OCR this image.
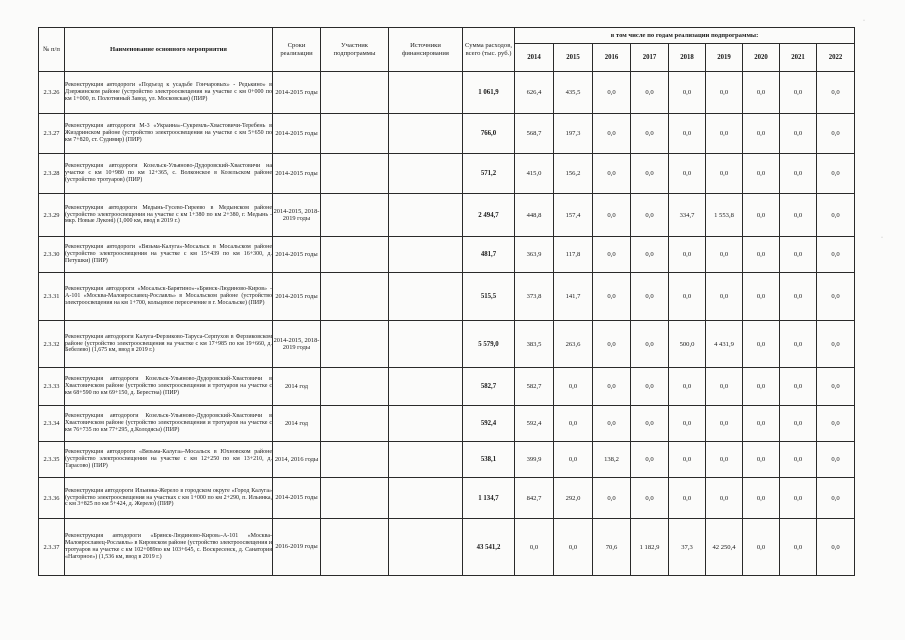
№ п/п	Наименование основного мероприятия	Сроки реализации	Участник подпрограммы	Источники финансирования	Сумма расходов, всего (тыс. руб.)	в том числе по годам реализации подпрограммы:								
						2014	2015	2016	2017	2018	2019	2020	2021	2022
2.3.26	Реконструкция автодороги «Подъезд к усадьбе Гончаровых» - Редькино» в Дзержинском районе (устройство электроосвещения на участке с км 0+000 по км 1+000, п. Полотняный Завод, ул. Московская) (ПИР)	2014-2015 годы			1 061,9	626,4	435,5	0,0	0,0	0,0	0,0	0,0	0,0	0,0
2.3.27	Реконструкция автодороги М-3 «Украина»-Сукремль-Хвастовичи-Теребень в Жиздринском районе (устройство электроосвещения на участке с км 5+650 по км 7+820, ст. Судимир) (ПИР)	2014-2015 годы			766,0	568,7	197,3	0,0	0,0	0,0	0,0	0,0	0,0	0,0
2.3.28	Реконструкция автодороги Козельск-Ульяново-Дудоровский-Хвастовичи на участке с км 10+980 по км 12+365, с. Волконское в Козельском районе (устройство тротуаров) (ПИР)	2014-2015 годы			571,2	415,0	156,2	0,0	0,0	0,0	0,0	0,0	0,0	0,0
2.3.29	Реконструкция автодороги Медынь-Гусево-Гиреево в Медынском районе (устройство электроосвещения на участке с км 1+380 по км 2+380, г. Медынь - мкр. Новые Луконі) (1,000 км, ввод в 2019 г.)	2014-2015, 2018-2019 годы			2 494,7	448,8	157,4	0,0	0,0	334,7	1 553,8	0,0	0,0	0,0
2.3.30	Реконструкция автодороги «Вязьма-Калуга»-Мосальск в Мосальском районе (устройство электроосвещения на участке с км 15+439 по км 16+300, д. Петушки) (ПИР)	2014-2015 годы			481,7	363,9	117,8	0,0	0,0	0,0	0,0	0,0	0,0	0,0
2.3.31	Реконструкция автодороги «Мосальск-Барятино»-«Брянск-Людиново-Киров» - А-101 «Москва-Малоярославец-Рославль» в Мосальском районе (устройство электроосвещения на км 1+700, кольцевое пересечение в г. Мосальске) (ПИР)	2014-2015 годы			515,5	373,8	141,7	0,0	0,0	0,0	0,0	0,0	0,0	0,0
2.3.32	Реконструкция автодороги Калуга-Ферзиково-Таруса-Серпухов в Ферзиковском районе (устройство электроосвещения на участке с км 17+985 по км 19+660, д. Бебелево) (1,675 км, ввод в 2019 г.)	2014-2015, 2018-2019 годы			5 579,0	383,5	263,6	0,0	0,0	500,0	4 431,9	0,0	0,0	0,0
2.3.33	Реконструкция автодороги Козельск-Ульяново-Дудоровский-Хвастовичи в Хвастовичском районе (устройство электроосвещения и тротуаров на участке с км 68+590 по км 69+150, д. Берестна) (ПИР)	2014 год			582,7	582,7	0,0	0,0	0,0	0,0	0,0	0,0	0,0	0,0
2.3.34	Реконструкция автодороги Козельск-Ульяново-Дудоровский-Хвастовичи в Хвастовичском районе (устройство электроосвещения и тротуаров на участке с км 76+735 по км 77+295, д.Колодясы) (ПИР)	2014 год			592,4	592,4	0,0	0,0	0,0	0,0	0,0	0,0	0,0	0,0
2.3.35	Реконструкция автодороги «Вязьма-Калуга»-Мосальск в Юхновском районе (устройство электроосвещения на участке с км 12+250 по км 13+210, д. Тарасово) (ПИР)	2014, 2016 годы			538,1	399,9	0,0	138,2	0,0	0,0	0,0	0,0	0,0	0,0
2.3.36	Реконструкция автодороги Ильинка-Жерело в городском округе «Город Калуга» (устройство электроосвещения на участках с км 1+000 по км 2+290, п. Ильинка, с км 3+825 по км 5+424, д. Жерело) (ПИР)	2014-2015 годы			1 134,7	842,7	292,0	0,0	0,0	0,0	0,0	0,0	0,0	0,0
2.3.37	Реконструкция автодороги «Брянск-Людиново-Киров»-А-101 «Москва-Малоярославец-Рославль» в Кировском районе (устройство электроосвещения и тротуаров на участке с км 102+089по км 103+645, с. Воскресенск, д. Санатория «Нагорное») (1,536 км, ввод в 2019 г.)	2016-2019 годы			43 541,2	0,0	0,0	70,6	1 182,9	37,3	42 250,4	0,0	0,0	0,0
·
·
